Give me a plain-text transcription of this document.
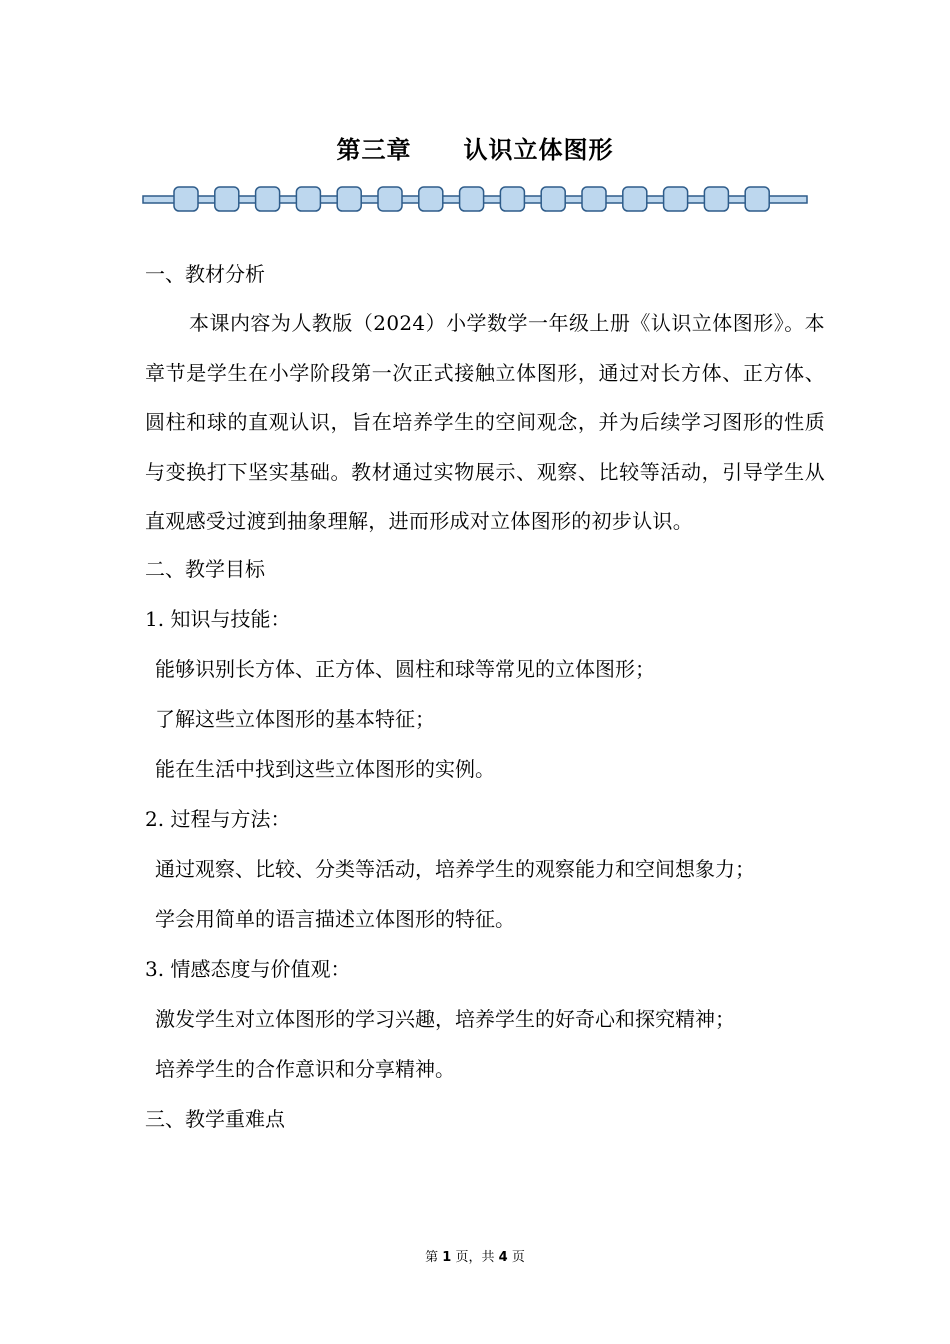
第三章 认识立体图形
一、教材分析
本课内容为人教版（2024）小学数学一年级上册《认识立体图形》。本章节是学生在小学阶段第一次正式接触立体图形，通过对长方体、正方体、圆柱和球的直观认识，旨在培养学生的空间观念，并为后续学习图形的性质与变换打下坚实基础。教材通过实物展示、观察、比较等活动，引导学生从直观感受过渡到抽象理解，进而形成对立体图形的初步认识。
二、教学目标
1. 知识与技能：
能够识别长方体、正方体、圆柱和球等常见的立体图形；
了解这些立体图形的基本特征；
能在生活中找到这些立体图形的实例。
2. 过程与方法：
通过观察、比较、分类等活动，培养学生的观察能力和空间想象力；
学会用简单的语言描述立体图形的特征。
3. 情感态度与价值观：
激发学生对立体图形的学习兴趣，培养学生的好奇心和探究精神；
培养学生的合作意识和分享精神。
三、教学重难点
第 1 页，共 4 页
